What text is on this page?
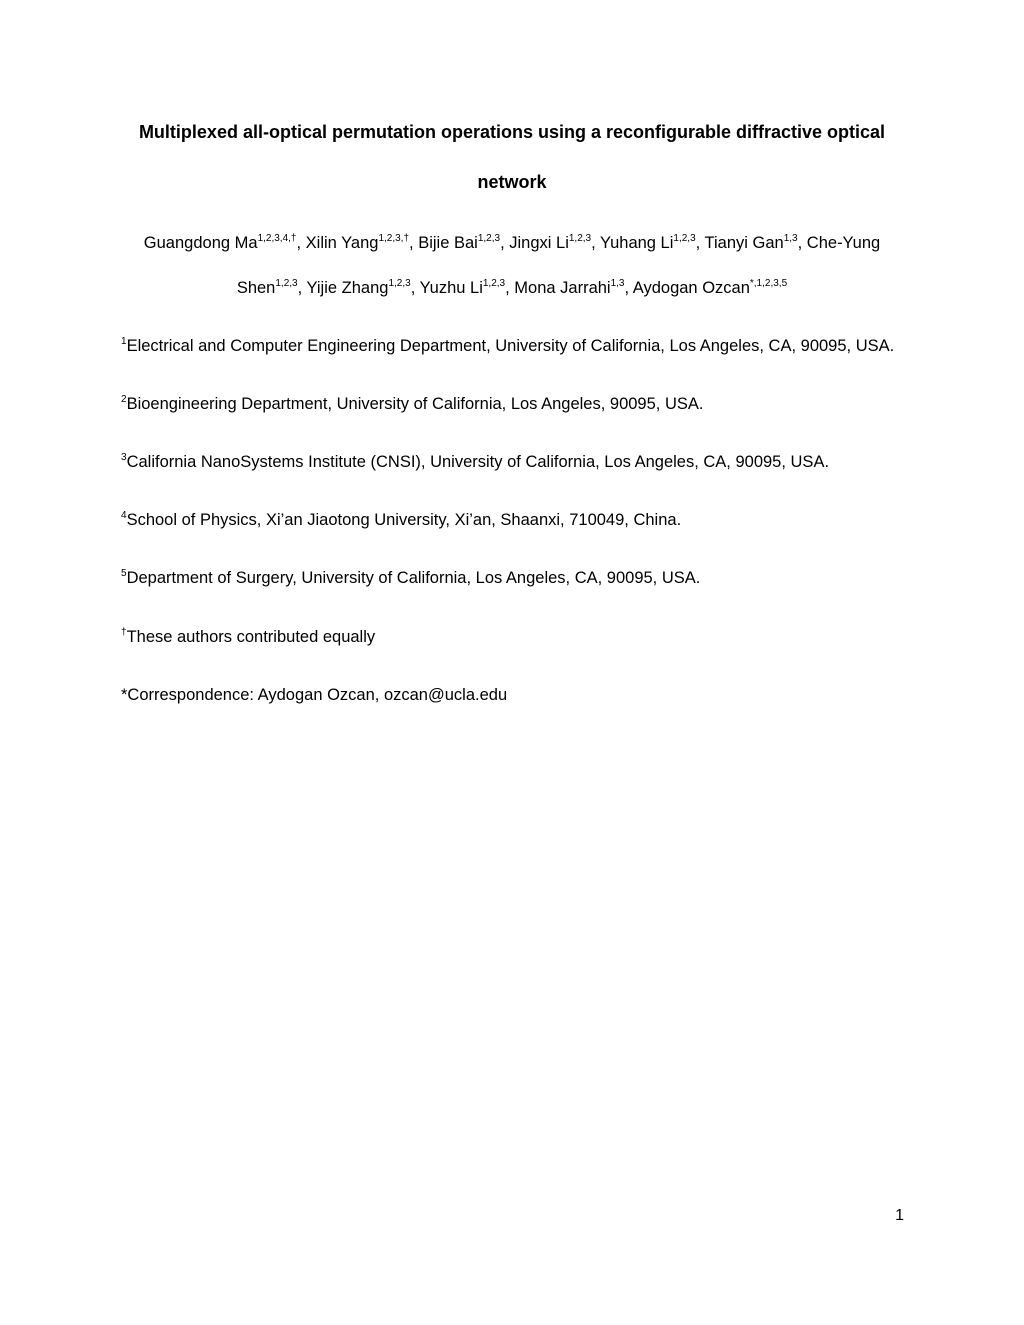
Multiplexed all-optical permutation operations using a reconfigurable diffractive optical
network
Guangdong $Ma^{1,2,3,4,\dagger}$, Xilin Yang$^{1,2,3,\dagger}$, Bijie Bai$^{1,2,3}$, Jingxi Li$^{1,2,3}$, Yuhang Li$^{1,2,3}$, Tianyi Gan$^{1,3}$, Che-Yung
Shen$^{1,2,3}$, Yijie Zhang$^{1,2,3}$, Yuzhu Li$^{1,2,3}$, Mona Jarrahi$^{1,3}$, Aydogan Ozcan$^{*,1,2,3,5}$
$^1$Electrical and Computer Engineering Department, University of California, Los Angeles, CA, 90095, USA.
$^2$Bioengineering Department, University of California, Los Angeles, 90095, USA.
$^3$California NanoSystems Institute (CNSI), University of California, Los Angeles, CA, 90095, USA.
$^4$School of Physics, Xi’an Jiaotong University, Xi’an, Shaanxi, 710049, China.
$^5$Department of Surgery, University of California, Los Angeles, CA, 90095, USA.
†These authors contributed equally
*Correspondence: Aydogan Ozcan, ozcan@ucla.edu
1
